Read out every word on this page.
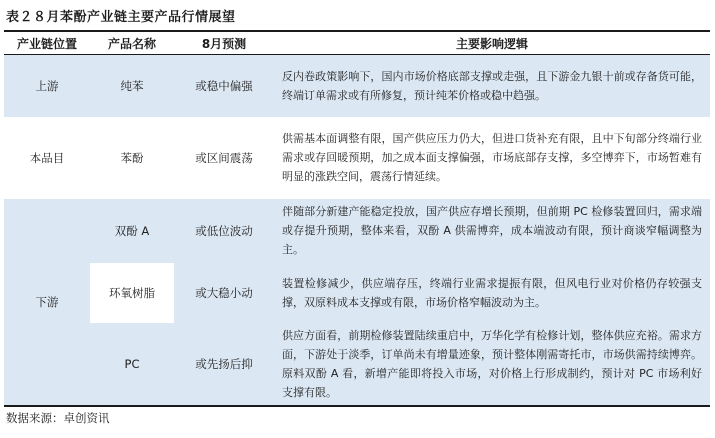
表２８月苯酚产业链主要产品行情展望
产业链位置	产品名称	8月预测	主要影响逻辑
上游	纯苯	或稳中偏强	反内卷政策影响下，国内市场价格底部支撑或走强，且下游金九银十前或存备货可能，终端订单需求或有所修复，预计纯苯价格或稳中趋强。
本品目	苯酚	或区间震荡	供需基本面调整有限，国产供应压力仍大，但进口货补充有限，且中下旬部分终端行业需求或存回暖预期，加之成本面支撑偏强，市场底部存支撑，多空博弈下，市场暂难有明显的涨跌空间，震荡行情延续。
下游	双酚 A	或低位波动	伴随部分新建产能稳定投放，国产供应存增长预期，但前期 PC 检修装置回归，需求端或存提升预期，整体来看，双酚 A 供需博弈，成本端波动有限，预计商谈窄幅调整为主。
	环氧树脂	或大稳小动	装置检修减少，供应端存压，终端行业需求提振有限，但风电行业对价格仍存较强支撑，双原料成本支撑或有限，市场价格窄幅波动为主。
	PC	或先扬后抑	供应方面看，前期检修装置陆续重启中，万华化学有检修计划，整体供应充裕。需求方面，下游处于淡季，订单尚未有增量迹象，预计整体刚需寄托市，市场供需持续博弈。原料双酚 A 看，新增产能即将投入市场，对价格上行形成制约，预计对 PC 市场利好支撑有限。
数据来源：卓创资讯
